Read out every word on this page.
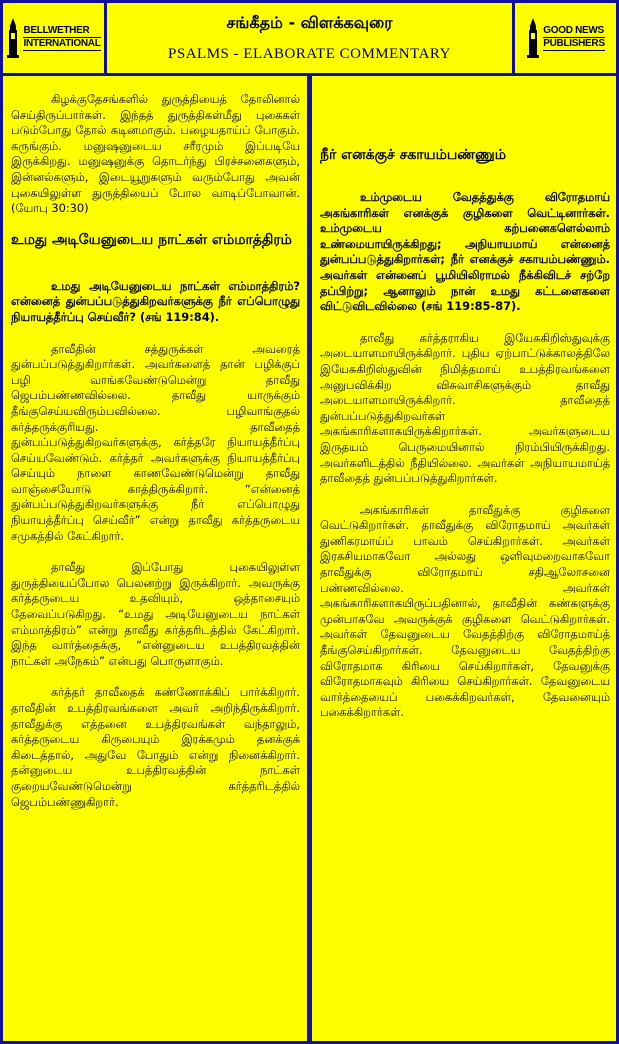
BELLWETHER
INTERNATIONAL
சங்கீதம் - விளக்கவுரை
PSALMS - ELABORATE COMMENTARY
GOOD NEWS
PUBLISHERS

கிழக்குதேசங்களில் துருத்தியைத் தோலினால் செய்திருப்பார்கள். இந்தத் துருத்திகள்மீது புகைகள் படும்போது தோல் கடினமாகும். பழையதாய்ப் போகும். சுருங்கும். மனுஷனுடைய சரீரமும் இப்படியே இருக்கிறது. மனுஷனுக்கு தொடர்ந்து பிரச்சனைகளும், இன்னல்களும், இடையூறுகளும் வரும்போது அவன் புகையிலுள்ள துருத்தியைப் போல வாடிப்போவான். (யோபு 30:30)

உமது அடியேனுடைய நாட்கள் எம்மாத்திரம்

உமது அடியேனுடைய நாட்கள் எம்மாத்திரம்? என்னைத் துன்பப்படுத்துகிறவர்களுக்கு நீர் எப்பொழுது நியாயத்தீர்ப்பு செய்வீர்? (சங் 119:84).

தாவீதின் சத்துருக்கள் அவரைத் துன்பப்படுத்துகிறார்கள். அவர்களைத் தான் பழிக்குப் பழி வாங்கவேண்டுமென்று தாவீது ஜெபம்பண்ணவில்லை. தாவீது யாருக்கும் தீங்குசெய்யவிரும்பவில்லை. பழிவாங்குதல் கர்த்தருக்குரியது. தாவீதைத் துன்பப்படுத்துகிறவர்களுக்கு, கர்த்தரே நியாயத்தீர்ப்பு செய்யவேண்டும். கர்த்தர் அவர்களுக்கு நியாயத்தீர்ப்பு செய்யும் நாளை காணவேண்டுமென்று தாவீது வாஞ்சையோடு காத்திருக்கிறார். “என்னைத் துன்பப்படுத்துகிறவர்களுக்கு நீர் எப்பொழுது நியாயத்தீர்ப்பு செய்வீர்” என்று தாவீது கர்த்தருடைய சமுகத்தில் கேட்கிறார்.

தாவீது இப்போது புகையிலுள்ள துருத்தியைப்போல பெலனற்று இருக்கிறார். அவருக்கு கர்த்தருடைய உதவியும், ஒத்தாசையும் தேவைப்படுகிறது. “உமது அடியேனுடைய நாட்கள் எம்மாத்திரம்” என்று தாவீது கர்த்தரிடத்தில் கேட்கிறார். இந்த வார்த்தைக்கு, “என்னுடைய உபத்திரவத்தின் நாட்கள் அநேகம்” என்பது பொருளாகும்.

கர்த்தர் தாவீதைக் கண்ணோக்கிப் பார்க்கிறார். தாவீதின் உபத்திரவங்களை அவர் அறிந்திருக்கிறார். தாவீதுக்கு எத்தனை உபத்திரவங்கள் வந்தாலும், கர்த்தருடைய கிருபையும் இரக்கமும் தனக்குக் கிடைத்தால், அதுவே போதும் என்று நினைக்கிறார். தன்னுடைய உபத்திரவத்தின் நாட்கள் குறையவேண்டுமென்று கர்த்தரிடத்தில் ஜெபம்பண்ணுகிறார்.

நீர் எனக்குச் சகாயம்பண்ணும்

உம்முடைய வேதத்துக்கு விரோதமாய் அகங்காரிகள் எனக்குக் குழிகளை வெட்டினார்கள். உம்முடைய கற்பனைகளெல்லாம் உண்மையாயிருக்கிறது; அநியாயமாய் என்னைத் துன்பப்படுத்துகிறார்கள்; நீர் எனக்குச் சகாயம்பண்ணும். அவர்கள் என்னைப் பூமியிலிராமல் நீக்கிவிடச் சற்றே தப்பிற்று; ஆனாலும் நான் உமது கட்டளைகளை விட்டுவிடவில்லை (சங் 119:85-87).

தாவீது கர்த்தராகிய இயேசுகிறிஸ்துவுக்கு அடையாளமாயிருக்கிறார். புதிய ஏற்பாட்டுக்காலத்திலே இயேசுகிறிஸ்துவின் நிமித்தமாய் உபத்திரவங்களை அனுபவிக்கிற விசுவாசிகளுக்கும் தாவீது அடையாளமாயிருக்கிறார். தாவீதைத் துன்பப்படுத்துகிறவர்கள் அகங்காரிகளாகயிருக்கிறார்கள். அவர்களுடைய இருதயம் பெருமையினால் நிரம்பியிருக்கிறது. அவர்களிடத்தில் நீதியில்லை. அவர்கள் அநியாயமாய்த் தாவீதைத் துன்பப்படுத்துகிறார்கள்.

அகங்காரிகள் தாவீதுக்கு குழிகளை வெட்டுகிறார்கள். தாவீதுக்கு விரோதமாய் அவர்கள் துணிகரமாய்ப் பாவம் செய்கிறார்கள். அவர்கள் இரகசியமாகவோ அல்லது ஒளிவுமறைவாகவோ தாவீதுக்கு விரோதமாய் சதிஆலோசனை பண்ணவில்லை. அவர்கள் அகங்காரிகளாகயிருப்பதினால், தாவீதின் கண்களுக்கு முன்பாகவே அவருக்குக் குழிகளை வெட்டுகிறார்கள். அவர்கள் தேவனுடைய வேதத்திற்கு விரோதமாய்த் தீங்குசெய்கிறார்கள். தேவனுடைய வேதத்திற்கு விரோதமாக கிரியை செய்கிறார்கள், தேவனுக்கு விரோதமாகவும் கிரியை செய்கிறார்கள். தேவனுடைய வார்த்தையைப் பகைக்கிறவர்கள், தேவனையும் பகைக்கிறார்கள்.
